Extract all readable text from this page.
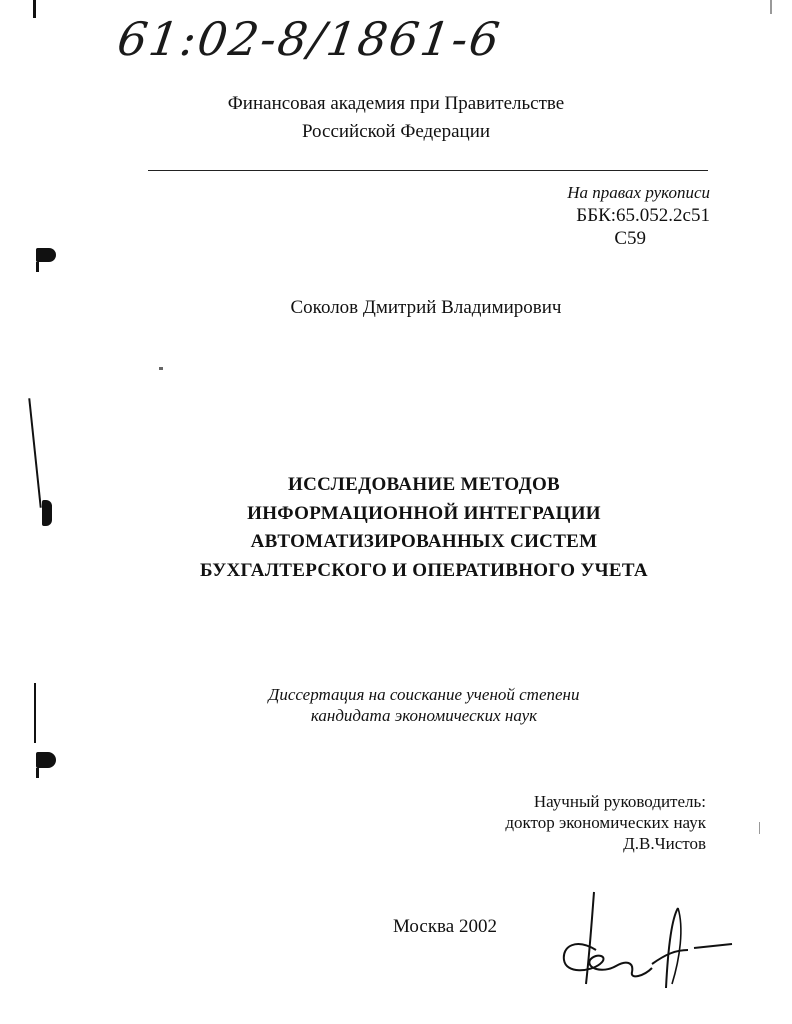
61:02-8/1861-6
Финансовая академия при Правительстве
Российской Федерации
На правах рукописи
ББК:65.052.2с51
С59
Соколов Дмитрий Владимирович
ИССЛЕДОВАНИЕ МЕТОДОВ
ИНФОРМАЦИОННОЙ ИНТЕГРАЦИИ
АВТОМАТИЗИРОВАННЫХ СИСТЕМ
БУХГАЛТЕРСКОГО И ОПЕРАТИВНОГО УЧЕТА
Диссертация на соискание ученой степени
кандидата экономических наук
Научный руководитель:
доктор экономических наук
Д.В.Чистов
Москва 2002
